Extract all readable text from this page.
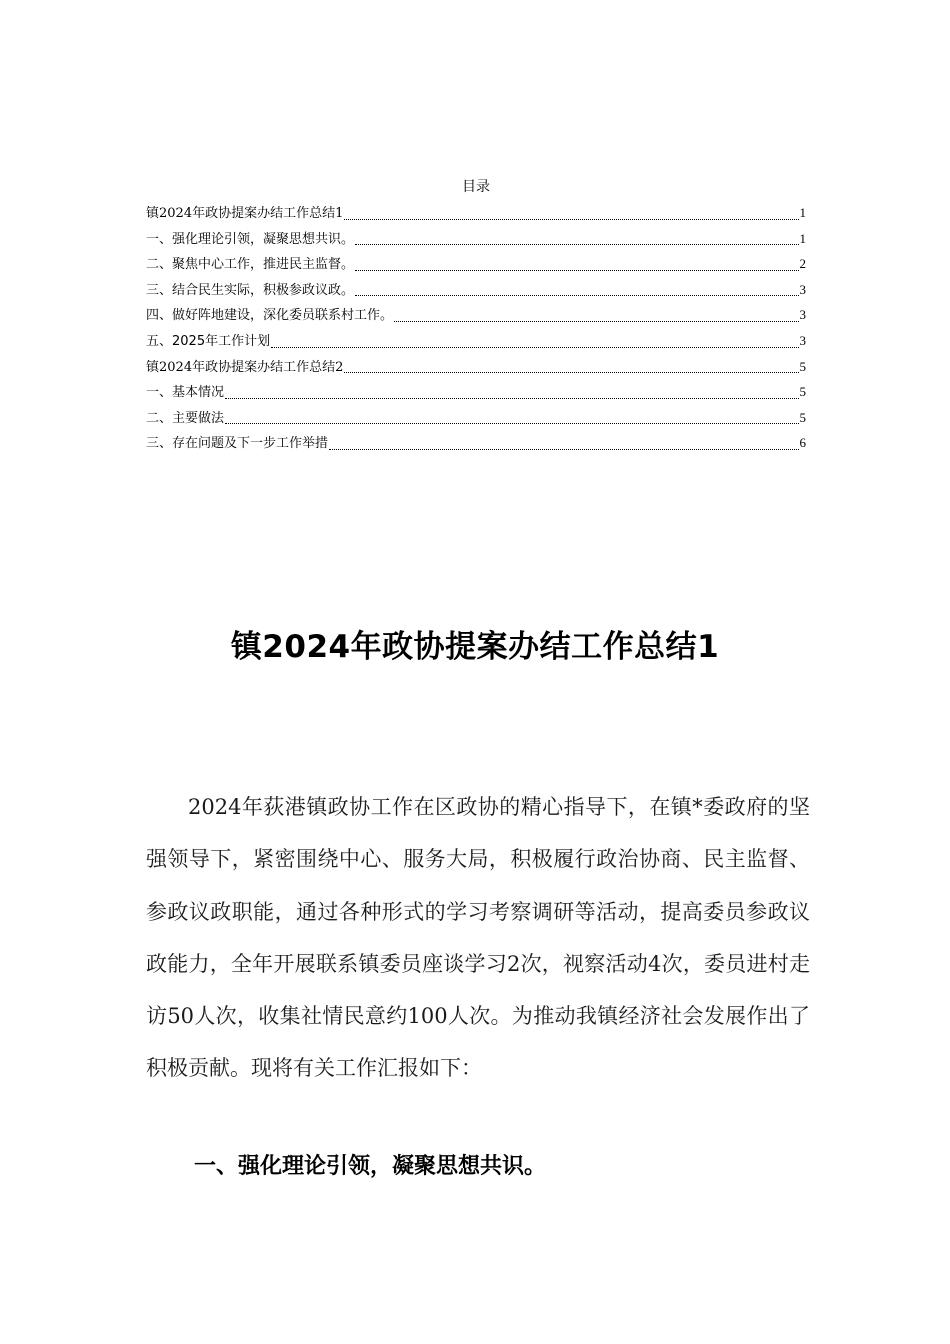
目录
镇2024年政协提案办结工作总结1	1
一、强化理论引领，凝聚思想共识。	1
二、聚焦中心工作，推进民主监督。	2
三、结合民生实际，积极参政议政。	3
四、做好阵地建设，深化委员联系村工作。	3
五、2025年工作计划	3
镇2024年政协提案办结工作总结2	5
一、基本情况	5
二、主要做法	5
三、存在问题及下一步工作举措	6
镇2024年政协提案办结工作总结1

2024年荻港镇政协工作在区政协的精心指导下，在镇*委政府的坚强领导下，紧密围绕中心、服务大局，积极履行政治协商、民主监督、参政议政职能，通过各种形式的学习考察调研等活动，提高委员参政议政能力，全年开展联系镇委员座谈学习2次，视察活动4次，委员进村走访50人次，收集社情民意约100人次。为推动我镇经济社会发展作出了积极贡献。现将有关工作汇报如下：

一、强化理论引领，凝聚思想共识。
